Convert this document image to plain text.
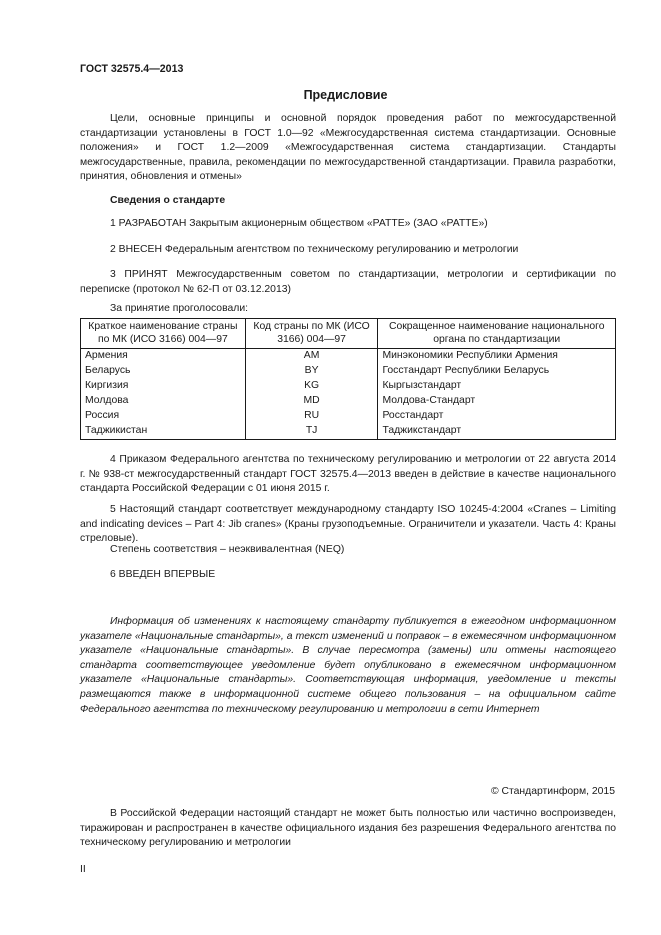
ГОСТ 32575.4—2013
Предисловие
Цели, основные принципы и основной порядок проведения работ по межгосударственной стандартизации установлены в ГОСТ 1.0—92 «Межгосударственная система стандартизации. Основные положения» и ГОСТ 1.2—2009 «Межгосударственная система стандартизации. Стандарты межгосударственные, правила, рекомендации по межгосударственной стандартизации. Правила разработки, принятия, обновления и отмены»
Сведения о стандарте
1 РАЗРАБОТАН Закрытым акционерным обществом «РАТТЕ» (ЗАО «РАТТЕ»)
2 ВНЕСЕН Федеральным агентством по техническому регулированию и метрологии
3 ПРИНЯТ Межгосударственным советом по стандартизации, метрологии и сертификации по переписке (протокол № 62-П от 03.12.2013)
За принятие проголосовали:
Краткое наименование страны по МК (ИСО 3166) 004—97	Код страны по МК (ИСО 3166) 004—97	Сокращенное наименование национального органа по стандартизации
Армения	AM	Минэкономики Республики Армения
Беларусь	BY	Госстандарт Республики Беларусь
Киргизия	KG	Кыргызстандарт
Молдова	MD	Молдова-Стандарт
Россия	RU	Росстандарт
Таджикистан	TJ	Таджикстандарт
4 Приказом Федерального агентства по техническому регулированию и метрологии от 22 августа 2014 г. № 938-ст межгосударственный стандарт ГОСТ 32575.4—2013 введен в действие в качестве национального стандарта Российской Федерации с 01 июня 2015 г.
5 Настоящий стандарт соответствует международному стандарту ISO 10245-4:2004 «Cranes – Limiting and indicating devices – Part 4: Jib cranes» (Краны грузоподъемные. Ограничители и указатели. Часть 4: Краны стреловые).
Степень соответствия – неэквивалентная (NEQ)
6 ВВЕДЕН ВПЕРВЫЕ
Информация об изменениях к настоящему стандарту публикуется в ежегодном информационном указателе «Национальные стандарты», а текст изменений и поправок – в ежемесячном информационном указателе «Национальные стандарты». В случае пересмотра (замены) или отмены настоящего стандарта соответствующее уведомление будет опубликовано в ежемесячном информационном указателе «Национальные стандарты». Соответствующая информация, уведомление и тексты размещаются также в информационной системе общего пользования – на официальном сайте Федерального агентства по техническому регулированию и метрологии в сети Интернет
© Стандартинформ, 2015
В Российской Федерации настоящий стандарт не может быть полностью или частично воспроизведен, тиражирован и распространен в качестве официального издания без разрешения Федерального агентства по техническому регулированию и метрологии
II
